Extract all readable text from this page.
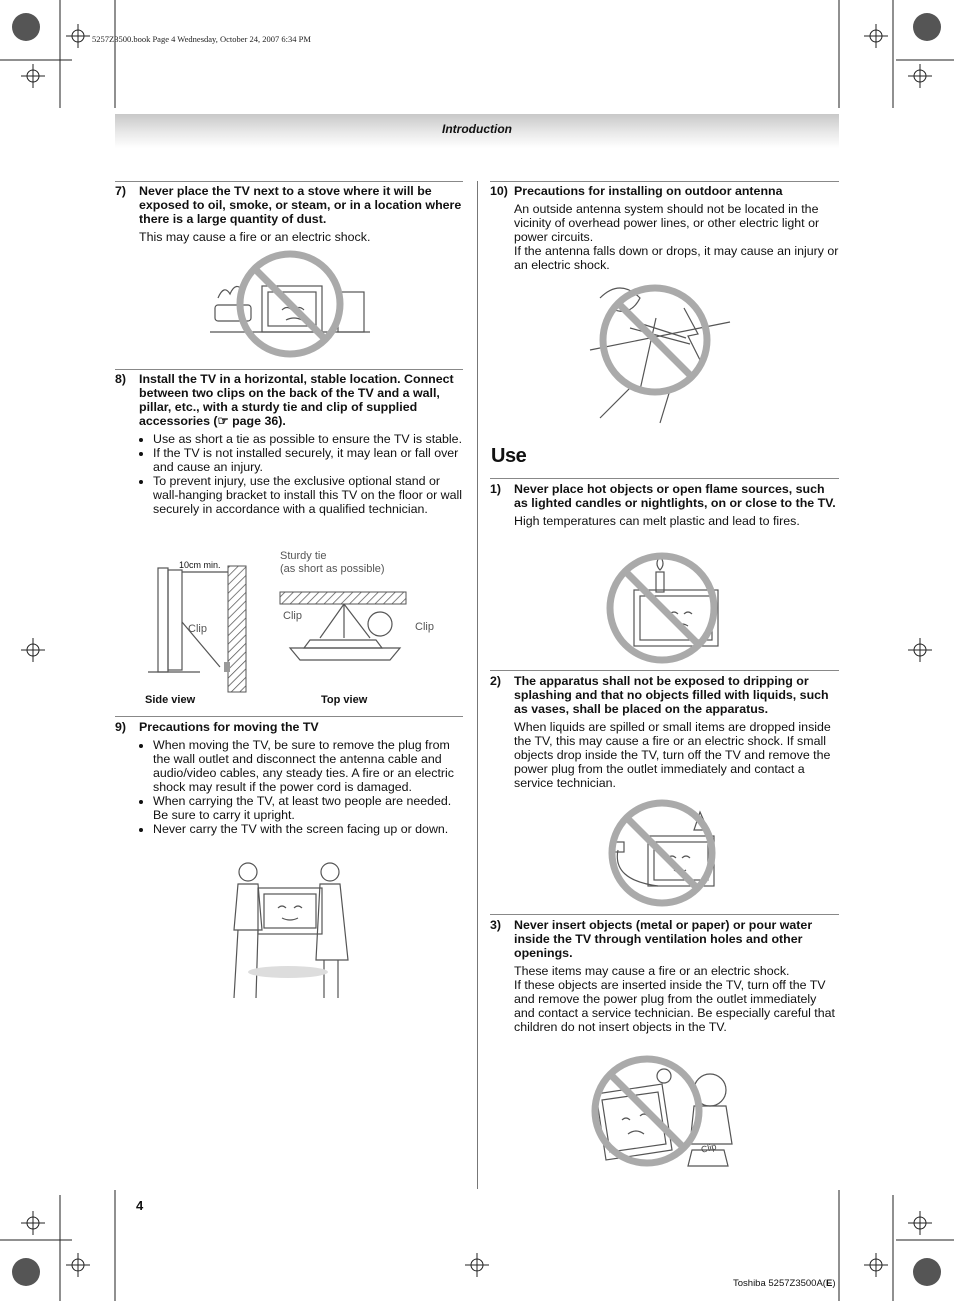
5257Z3500.book Page 4 Wednesday, October 24, 2007 6:34 PM
Introduction
7) Never place the TV next to a stove where it will be exposed to oil, smoke, or steam, or in a location where there is a large quantity of dust.
This may cause a fire or an electric shock.
8) Install the TV in a horizontal, stable location. Connect between two clips on the back of the TV and a wall, pillar, etc., with a sturdy tie and clip of supplied accessories (☞ page 36).
• Use as short a tie as possible to ensure the TV is stable.
• If the TV is not installed securely, it may lean or fall over and cause an injury.
• To prevent injury, use the exclusive optional stand or wall-hanging bracket to install this TV on the floor or wall securely in accordance with a qualified technician.
10cm min.
Clip
Sturdy tie
(as short as possible)
Clip
Clip
Side view	Top view
9) Precautions for moving the TV
• When moving the TV, be sure to remove the plug from the wall outlet and disconnect the antenna cable and audio/video cables, any steady ties. A fire or an electric shock may result if the power cord is damaged.
• When carrying the TV, at least two people are needed. Be sure to carry it upright.
• Never carry the TV with the screen facing up or down.
10) Precautions for installing on outdoor antenna
An outside antenna system should not be located in the vicinity of overhead power lines, or other electric light or power circuits.
If the antenna falls down or drops, it may cause an injury or an electric shock.
Use
1) Never place hot objects or open flame sources, such as lighted candles or nightlights, on or close to the TV.
High temperatures can melt plastic and lead to fires.
2) The apparatus shall not be exposed to dripping or splashing and that no objects filled with liquids, such as vases, shall be placed on the apparatus.
When liquids are spilled or small items are dropped inside the TV, this may cause a fire or an electric shock. If small objects drop inside the TV, turn off the TV and remove the power plug from the outlet immediately and contact a service technician.
3) Never insert objects (metal or paper) or pour water inside the TV through ventilation holes and other openings.
These items may cause a fire or an electric shock.
If these objects are inserted inside the TV, turn off the TV and remove the power plug from the outlet immediately and contact a service technician. Be especially careful that children do not insert objects in the TV.
Clip
4
Toshiba 5257Z3500A(E)
